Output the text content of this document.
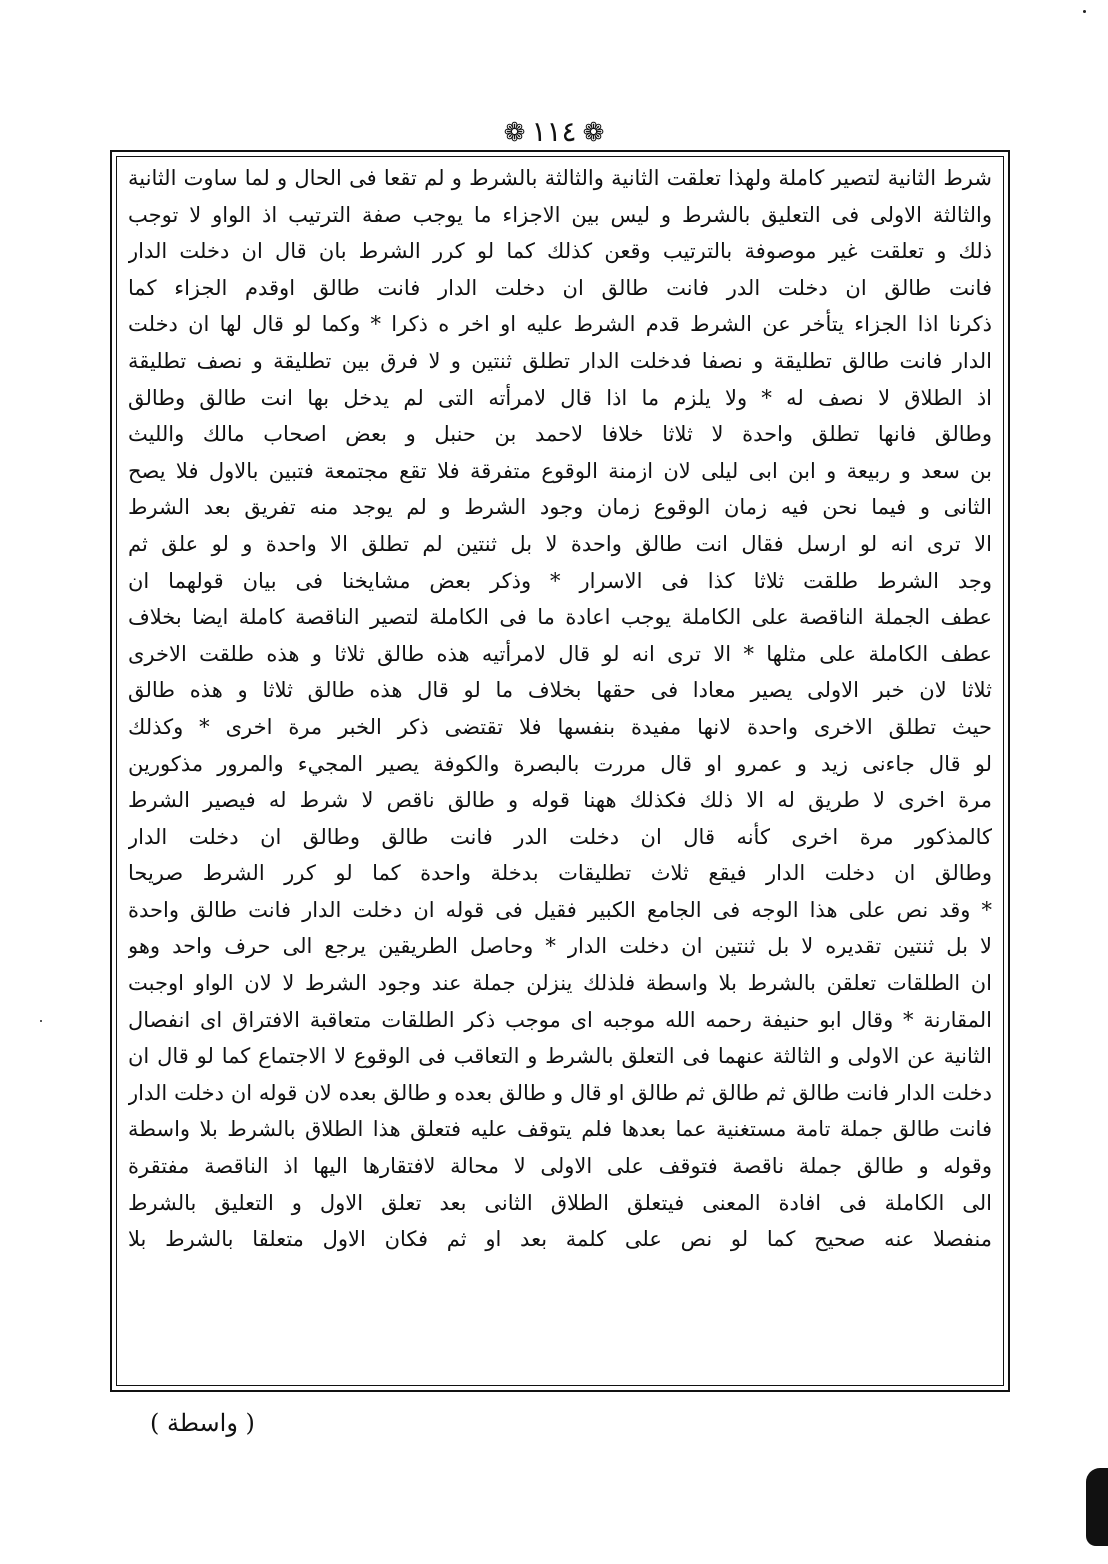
❁١١٤❁
شرط الثانية لتصير كاملة ولهذا تعلقت الثانية والثالثة بالشرط و لم تقعا فى الحال و لما ساوت الثانية
والثالثة الاولى فى التعليق بالشرط و ليس بين الاجزاء ما يوجب صفة الترتيب اذ الواو لا توجب
ذلك و تعلقت غير موصوفة بالترتيب وقعن كذلك كما لو كرر الشرط بان قال ان دخلت الدار
فانت طالق ان دخلت الدر فانت طالق ان دخلت الدار فانت طالق اوقدم الجزاء كما
ذكرنا اذا الجزاء يتأخر عن الشرط قدم الشرط عليه او اخر ه ذكرا * وكما لو قال لها ان دخلت
الدار فانت طالق تطليقة و نصفا فدخلت الدار تطلق ثنتين و لا فرق بين تطليقة و نصف تطليقة
اذ الطلاق لا نصف له * ولا يلزم ما اذا قال لامرأته التى لم يدخل بها انت طالق وطالق
وطالق فانها تطلق واحدة لا ثلاثا خلافا لاحمد بن حنبل و بعض اصحاب مالك والليث
بن سعد و ربيعة و ابن ابى ليلى لان ازمنة الوقوع متفرقة فلا تقع مجتمعة فتبين بالاول فلا يصح
الثانى و فيما نحن فيه زمان الوقوع زمان وجود الشرط و لم يوجد منه تفريق بعد الشرط
الا ترى انه لو ارسل فقال انت طالق واحدة لا بل ثنتين لم تطلق الا واحدة و لو علق ثم
وجد الشرط طلقت ثلاثا كذا فى الاسرار * وذكر بعض مشايخنا فى بيان قولهما ان
عطف الجملة الناقصة على الكاملة يوجب اعادة ما فى الكاملة لتصير الناقصة كاملة ايضا بخلاف
عطف الكاملة على مثلها * الا ترى انه لو قال لامرأتيه هذه طالق ثلاثا و هذه طلقت الاخرى
ثلاثا لان خبر الاولى يصير معادا فى حقها بخلاف ما لو قال هذه طالق ثلاثا و هذه طالق
حيث تطلق الاخرى واحدة لانها مفيدة بنفسها فلا تقتضى ذكر الخبر مرة اخرى * وكذلك
لو قال جاءنى زيد و عمرو او قال مررت بالبصرة والكوفة يصير المجيء والمرور مذكورين
مرة اخرى لا طريق له الا ذلك فكذلك ههنا قوله و طالق ناقص لا شرط له فيصير الشرط
كالمذكور مرة اخرى كأنه قال ان دخلت الدر فانت طالق وطالق ان دخلت الدار
وطالق ان دخلت الدار فيقع ثلاث تطليقات بدخلة واحدة كما لو كرر الشرط صريحا
* وقد نص على هذا الوجه فى الجامع الكبير فقيل فى قوله ان دخلت الدار فانت طالق واحدة
لا بل ثنتين تقديره لا بل ثنتين ان دخلت الدار * وحاصل الطريقين يرجع الى حرف واحد وهو
ان الطلقات تعلقن بالشرط بلا واسطة فلذلك ينزلن جملة عند وجود الشرط لا لان الواو اوجبت
المقارنة * وقال ابو حنيفة رحمه الله موجبه اى موجب ذكر الطلقات متعاقبة الافتراق اى انفصال
الثانية عن الاولى و الثالثة عنهما فى التعلق بالشرط و التعاقب فى الوقوع لا الاجتماع كما لو قال ان
دخلت الدار فانت طالق ثم طالق ثم طالق او قال و طالق بعده و طالق بعده لان قوله ان دخلت الدار
فانت طالق جملة تامة مستغنية عما بعدها فلم يتوقف عليه فتعلق هذا الطلاق بالشرط بلا واسطة
وقوله و طالق جملة ناقصة فتوقف على الاولى لا محالة لافتقارها اليها اذ الناقصة مفتقرة
الى الكاملة فى افادة المعنى فيتعلق الطلاق الثانى بعد تعلق الاول و التعليق بالشرط
منفصلا عنه صحيح كما لو نص على كلمة بعد او ثم فكان الاول متعلقا بالشرط بلا
( واسطة )
